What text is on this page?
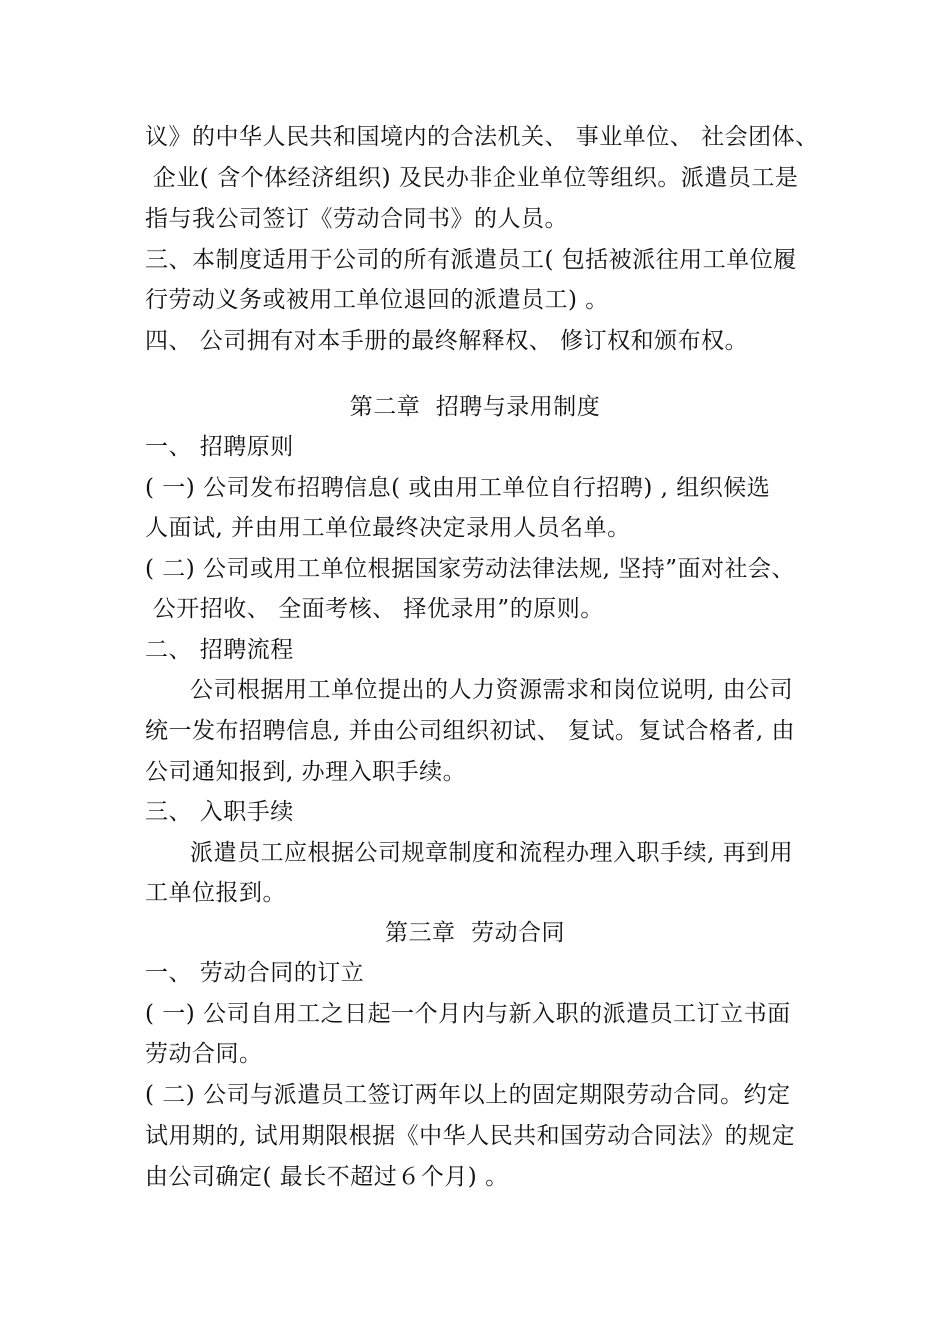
议》的中华人民共和国境内的合法机关、 事业单位、 社会团体、
企业( 含个体经济组织) 及民办非企业单位等组织。派遣员工是
指与我公司签订《劳动合同书》的人员。
三、本制度适用于公司的所有派遣员工( 包括被派往用工单位履
行劳动义务或被用工单位退回的派遣员工) 。
四、 公司拥有对本手册的最终解释权、 修订权和颁布权。
第二章  招聘与录用制度
一、 招聘原则
( 一) 公司发布招聘信息( 或由用工单位自行招聘) , 组织候选
人面试, 并由用工单位最终决定录用人员名单。
( 二) 公司或用工单位根据国家劳动法律法规, 坚持”面对社会、
公开招收、 全面考核、 择优录用”的原则。
二、 招聘流程
公司根据用工单位提出的人力资源需求和岗位说明, 由公司
统一发布招聘信息, 并由公司组织初试、 复试。复试合格者, 由
公司通知报到, 办理入职手续。
三、 入职手续
派遣员工应根据公司规章制度和流程办理入职手续, 再到用
工单位报到。
第三章  劳动合同
一、 劳动合同的订立
( 一) 公司自用工之日起一个月内与新入职的派遣员工订立书面
劳动合同。
( 二) 公司与派遣员工签订两年以上的固定期限劳动合同。约定
试用期的, 试用期限根据《中华人民共和国劳动合同法》的规定
由公司确定( 最长不超过６个月) 。
